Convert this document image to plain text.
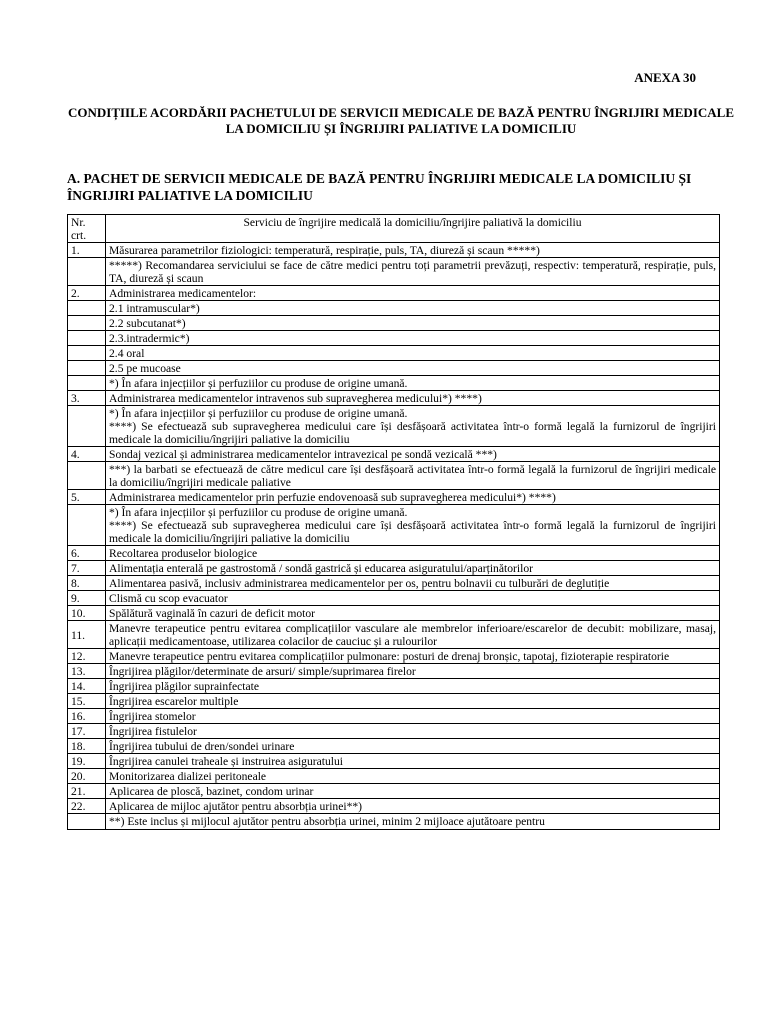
ANEXA 30
CONDIȚIILE ACORDĂRII PACHETULUI DE SERVICII MEDICALE DE BAZĂ PENTRU ÎNGRIJIRI MEDICALE LA DOMICILIU ȘI ÎNGRIJIRI PALIATIVE LA DOMICILIU
A. PACHET DE SERVICII MEDICALE DE BAZĂ PENTRU ÎNGRIJIRI MEDICALE LA DOMICILIU ȘI ÎNGRIJIRI PALIATIVE LA DOMICILIU
Nr. crt.	Serviciu de îngrijire medicală la domiciliu/îngrijire paliativă la domiciliu
1.	Măsurarea parametrilor fiziologici: temperatură, respirație, puls, TA, diureză și scaun *****)

	*****) Recomandarea serviciului se face de către medici pentru toți parametrii prevăzuți, respectiv: temperatură, respirație, puls, TA, diureză și scaun

2.	Administrarea medicamentelor:

	2.1 intramuscular*)

	2.2 subcutanat*)

	2.3.intradermic*)

	2.4 oral

	2.5 pe mucoase

	*) În afara injecțiilor și perfuziilor cu produse de origine umană.

3.	Administrarea medicamentelor intravenos sub supravegherea medicului*) ****)

	*) În afara injecțiilor și perfuziilor cu produse de origine umană.
****) Se efectuează sub supravegherea medicului care își desfășoară activitatea într-o formă legală la furnizorul de îngrijiri medicale la domiciliu/îngrijiri paliative la domiciliu

4.	Sondaj vezical și administrarea medicamentelor intravezical pe sondă vezicală ***)

	***) la barbati se efectuează de către medicul care își desfășoară activitatea într-o formă legală la furnizorul de îngrijiri medicale la domiciliu/îngrijiri medicale paliative

5.	Administrarea medicamentelor prin perfuzie endovenoasă sub supravegherea medicului*) ****)

	*) În afara injecțiilor și perfuziilor cu produse de origine umană.
****) Se efectuează sub supravegherea medicului care își desfășoară activitatea într-o formă legală la furnizorul de îngrijiri medicale la domiciliu/îngrijiri paliative la domiciliu

6.	Recoltarea produselor biologice

7.	Alimentația enterală pe gastrostomă / sondă gastrică și educarea asiguratului/aparținătorilor

8.	Alimentarea pasivă, inclusiv administrarea medicamentelor per os, pentru bolnavii cu tulburări de deglutiție

9.	Clismă cu scop evacuator

10.	Spălătură vaginală în cazuri de deficit motor

11.	Manevre terapeutice pentru evitarea complicațiilor vasculare ale membrelor inferioare/escarelor de decubit: mobilizare, masaj, aplicații medicamentoase, utilizarea colacilor de cauciuc și a rulourilor

12.	Manevre terapeutice pentru evitarea complicațiilor pulmonare: posturi de drenaj bronșic, tapotaj, fizioterapie respiratorie

13.	Îngrijirea plăgilor/determinate de arsuri/ simple/suprimarea firelor

14.	Îngrijirea plăgilor suprainfectate

15.	Îngrijirea escarelor multiple

16.	Îngrijirea stomelor

17.	Îngrijirea fistulelor

18.	Îngrijirea tubului de dren/sondei urinare

19.	Îngrijirea canulei traheale și instruirea asiguratului

20.	Monitorizarea dializei peritoneale

21.	Aplicarea de ploscă, bazinet, condom urinar

22.	Aplicarea de mijloc ajutător pentru absorbția urinei**)

	**) Este inclus și mijlocul ajutător pentru absorbția urinei, minim 2 mijloace ajutătoare pentru
